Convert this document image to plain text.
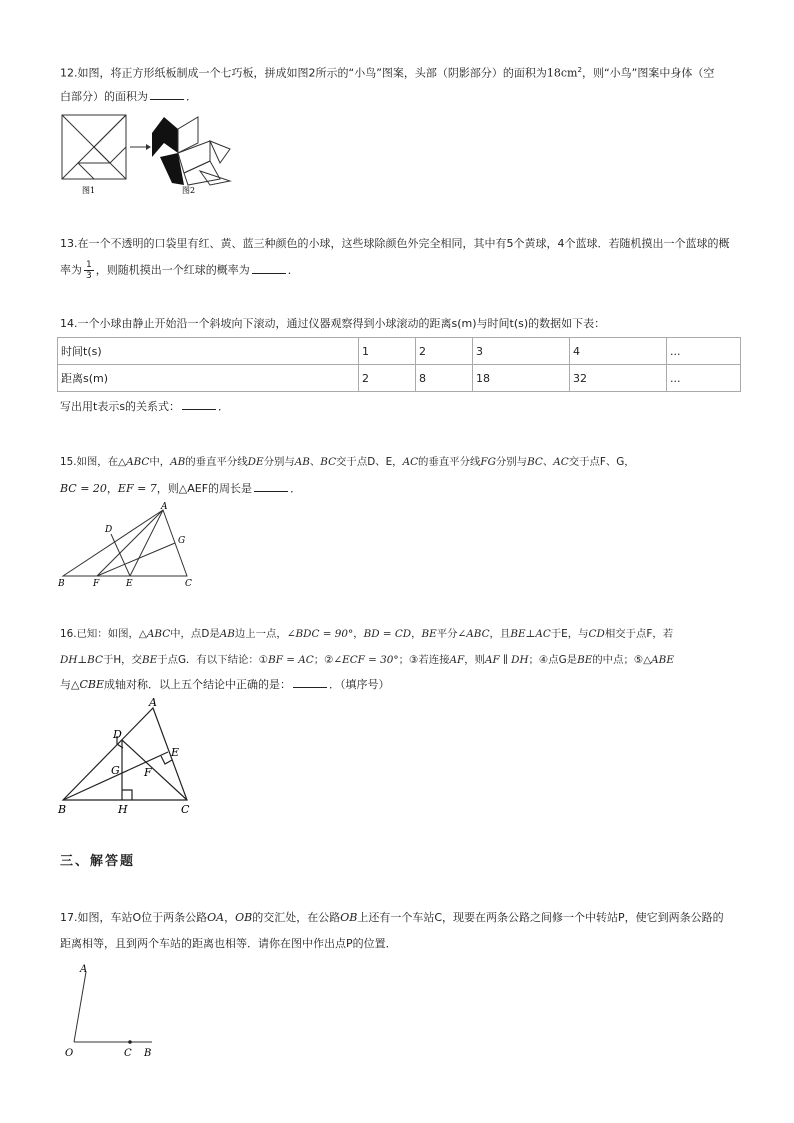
12.如图，将正方形纸板制成一个七巧板，拼成如图2所示的“小鸟”图案，头部（阴影部分）的面积为$18cm^2$，则“小鸟”图案中身体（空
白部分）的面积为	．
图1	图2
13.在一个不透明的口袋里有红、黄、蓝三种颜色的小球，这些球除颜色外完全相同，其中有5个黄球，4个蓝球．若随机摸出一个蓝球的概
率为 $\frac{1}{3}$ ，则随机摸出一个红球的概率为	．
14.一个小球由静止开始沿一个斜坡向下滚动，通过仪器观察得到小球滚动的距离s(m)与时间t(s)的数据如下表：
时间t(s)	1	2	3	4	...
距离s(m)	2	8	18	32	...
写出用t表示s的关系式：	．
15.如图，在△ABC中，AB的垂直平分线DE分别与AB、BC交于点D、E，AC的垂直平分线FG分别与BC、AC交于点F、G，
BC = 20，EF = 7，则△AEF的周长是	．
A
D
G
B	F	E	C
16.已知：如图，△ABC中，点D是AB边上一点，∠BDC = 90°，BD = CD，BE平分∠ABC，且BE⊥AC于E，与CD相交于点F，若
DH⊥BC于H，交BE于点G．有以下结论：①BF = AC；②∠ECF = 30°；③若连接AF，则AF ∥ DH；④点G是BE的中点；⑤△ABE
与△CBE成轴对称．以上五个结论中正确的是：	．（填序号）
A
D
E
G F
B	H	C
三、解答题
17.如图，车站O位于两条公路OA，OB的交汇处，在公路OB上还有一个车站C，现要在两条公路之间修一个中转站P，使它到两条公路的
距离相等，且到两个车站的距离也相等．请你在图中作出点P的位置．
A
O	C B
